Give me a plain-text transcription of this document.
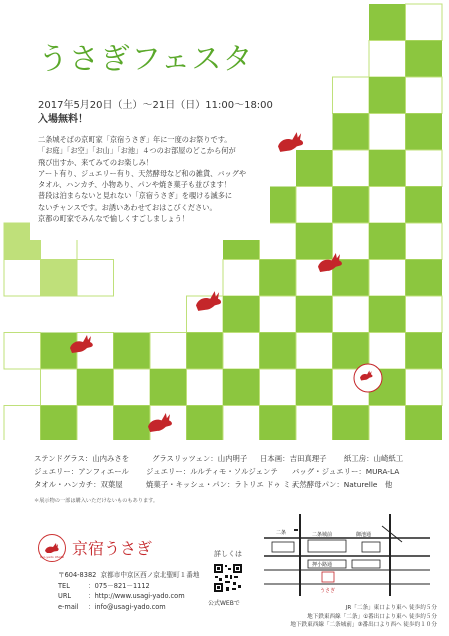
うさぎフェスタ
2017年5月20日（土）～21日（日）11:00～18:00
入場無料！

二条城そばの京町家「京宿うさぎ」年に一度のお祭りです。

「お庭」「お空」「お山」「お池」４つのお部屋のどこから何が

飛び出すか、来てみてのお楽しみ！

アート有り、ジュエリー有り、天然酵母など和の雑貨、バッグや

タオル、ハンカチ、小物あり、パンや焼き菓子も並びます！

普段は泊まらないと見れない「京宿うさぎ」を覗ける滅多に

ないチャンスです。お誘いあわせておはこびください。

京都の町家でみんなで愉しくすごしましょう！

ステンドグラス：山内みさを	グラスリッツェン：山内明子	日本画：吉田真理子	紙工房：山崎紙工
ジュエリー：アンフィエール	ジュエリー：ルルティモ・ソルジェンテ	バッグ・ジュエリー：MURA-LA
タオル・ハンカチ：双葉屋	焼菓子・キッシュ・パン：ラトリエ ドゥ ミィ
天然酵母パン：Naturelle　他
＊展示物の一部は購入いただけないものもあります。
Kyo-yado USAGI 京宿うさぎ
〒604-8382 京都市中京区西ノ京北聖町１番地
TEL	：075－821－1112
URL	：http://www.usagi-yado.com
e-mail ：info@usagi-yado.com
詳しくは
公式WEBで
二条	二条城前	御池通
押小路通
うさぎ
JR「二条」東口より東へ 徒歩約５分
地下鉄東西線「二条」①番出口より東へ 徒歩約５分
地下鉄東西線「二条城前」③番出口より西へ 徒歩約１０分
